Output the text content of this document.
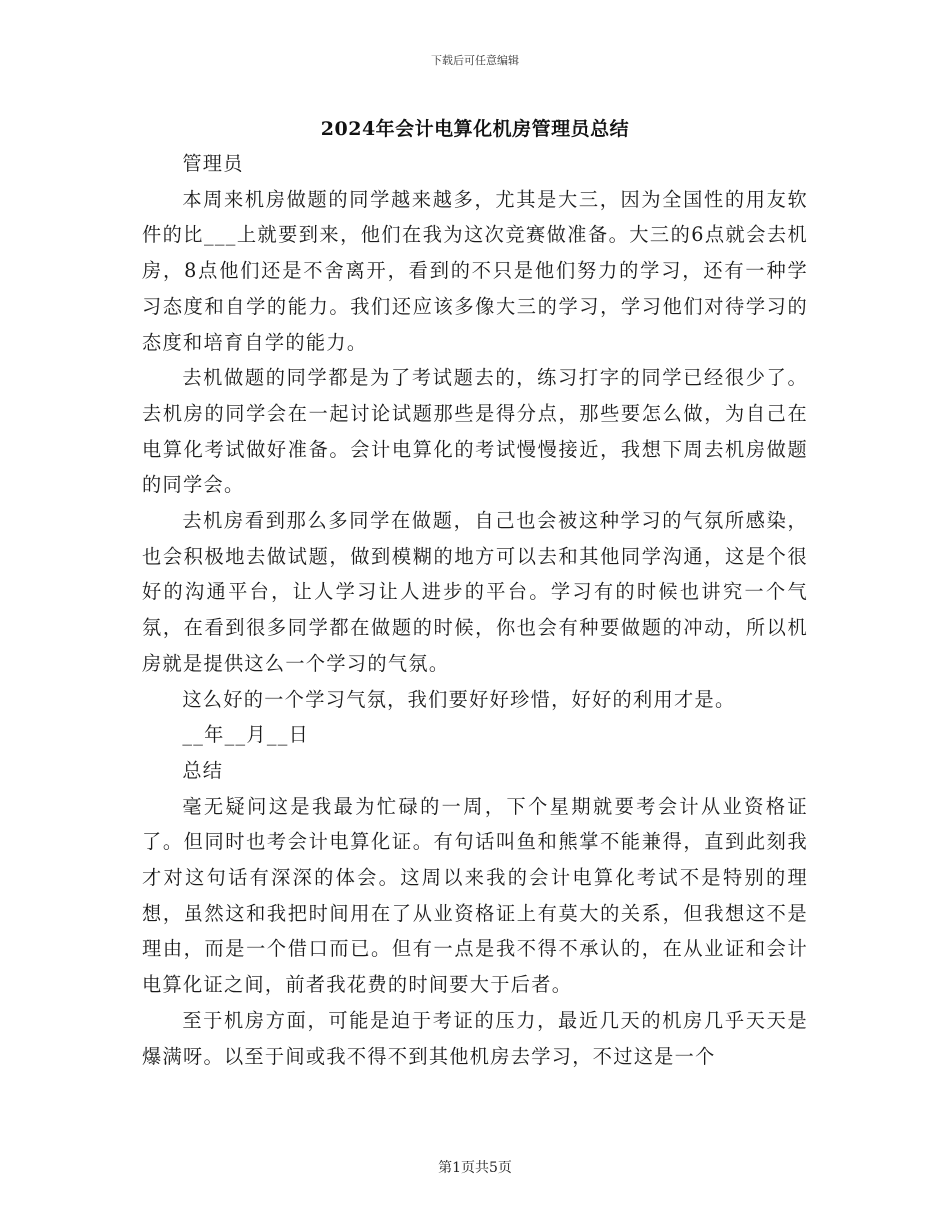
下载后可任意编辑
2024年会计电算化机房管理员总结

管理员

本周来机房做题的同学越来越多，尤其是大三，因为全国性的用友软件的比___上就要到来，他们在我为这次竞赛做准备。大三的6点就会去机房，8点他们还是不舍离开，看到的不只是他们努力的学习，还有一种学习态度和自学的能力。我们还应该多像大三的学习，学习他们对待学习的态度和培育自学的能力。

去机做题的同学都是为了考试题去的，练习打字的同学已经很少了。去机房的同学会在一起讨论试题那些是得分点，那些要怎么做，为自己在电算化考试做好准备。会计电算化的考试慢慢接近，我想下周去机房做题的同学会。

去机房看到那么多同学在做题，自己也会被这种学习的气氛所感染，也会积极地去做试题，做到模糊的地方可以去和其他同学沟通，这是个很好的沟通平台，让人学习让人进步的平台。学习有的时候也讲究一个气氛，在看到很多同学都在做题的时候，你也会有种要做题的冲动，所以机房就是提供这么一个学习的气氛。

这么好的一个学习气氛，我们要好好珍惜，好好的利用才是。

__年__月__日

总结

毫无疑问这是我最为忙碌的一周，下个星期就要考会计从业资格证了。但同时也考会计电算化证。有句话叫鱼和熊掌不能兼得，直到此刻我才对这句话有深深的体会。这周以来我的会计电算化考试不是特别的理想，虽然这和我把时间用在了从业资格证上有莫大的关系，但我想这不是理由，而是一个借口而已。但有一点是我不得不承认的，在从业证和会计电算化证之间，前者我花费的时间要大于后者。

至于机房方面，可能是迫于考证的压力，最近几天的机房几乎天天是爆满呀。以至于间或我不得不到其他机房去学习，不过这是一个

第1页共5页
